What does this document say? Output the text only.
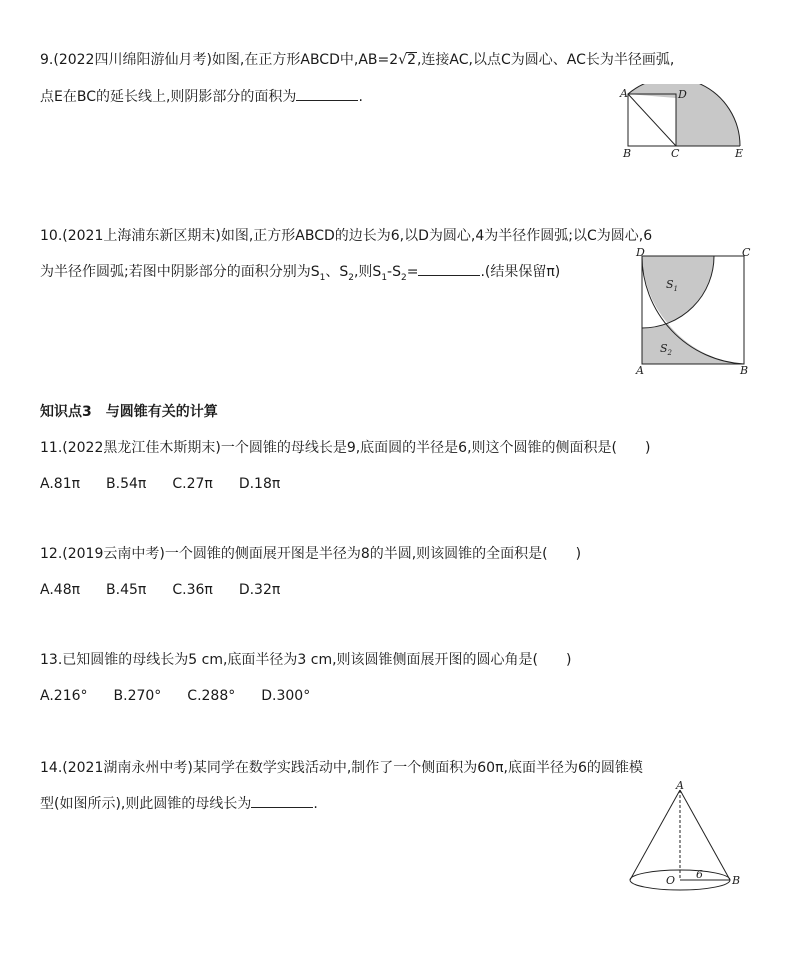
9.(2022四川绵阳游仙月考)如图,在正方形ABCD中,AB=2√2,连接AC,以点C为圆心、AC长为半径画弧,
点E在BC的延长线上,则阴影部分的面积为	.	A	D
B	C	E
10.(2021上海浦东新区期末)如图,正方形ABCD的边长为6,以D为圆心,4为半径作圆弧;以C为圆心,6
为半径作圆弧;若图中阴影部分的面积分别为$S_1$、$S_2$,则$S_1-S_2=$	.(结果保留π)
D	C
A	B
$S_1$
$S_2$
知识点3　与圆锥有关的计算
11.(2022黑龙江佳木斯期末)一个圆锥的母线长是9,底面圆的半径是6,则这个圆锥的侧面积是(　　)
A.81π B.54π C.27π D.18π
12.(2019云南中考)一个圆锥的侧面展开图是半径为8的半圆,则该圆锥的全面积是(　　)
A.48π B.45π C.36π D.32π
13.已知圆锥的母线长为5 cm,底面半径为3 cm,则该圆锥侧面展开图的圆心角是(　　)
A.216° B.270° C.288° D.300°
14.(2021湖南永州中考)某同学在数学实践活动中,制作了一个侧面积为60π,底面半径为6的圆锥模
型(如图所示),则此圆锥的母线长为	.
A
O	B
6
